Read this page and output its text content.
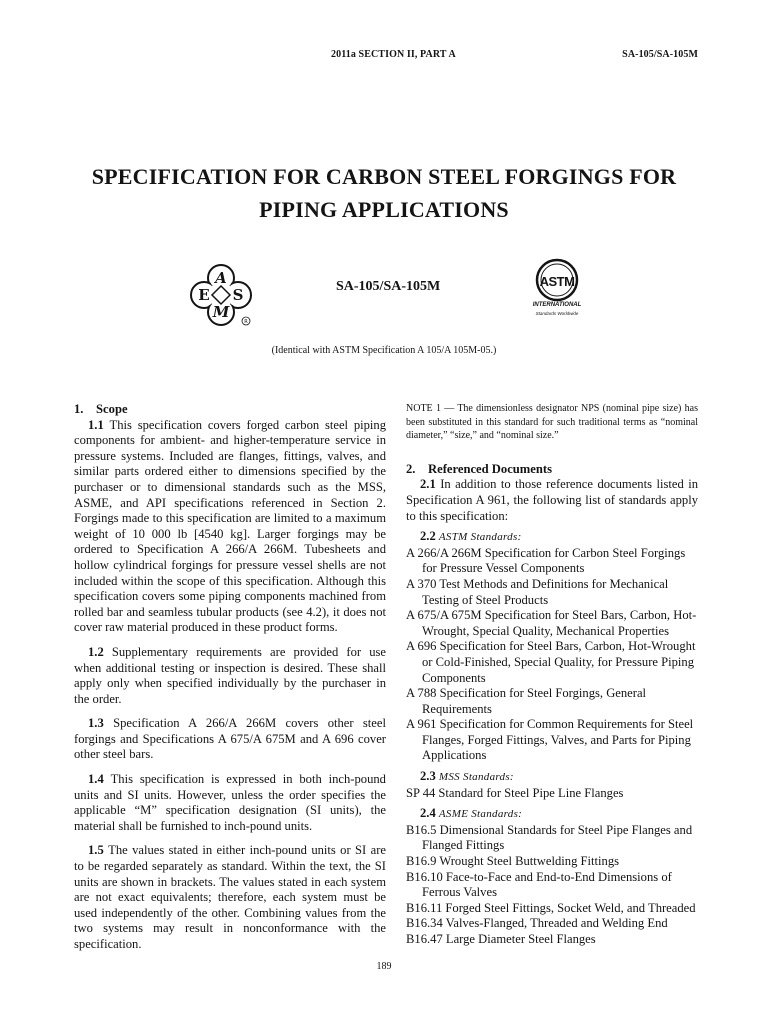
2011a SECTION II, PART A	SA-105/SA-105M
SPECIFICATION FOR CARBON STEEL FORGINGS FOR
PIPING APPLICATIONS
A
E S
M
R
SA-105/SA-105M	ASTM
INTERNATIONAL
Standards Worldwide
(Identical with ASTM Specification A 105/A 105M-05.)

1. Scope

1.1 This specification covers forged carbon steel piping components for ambient- and higher-temperature service in pressure systems. Included are flanges, fittings, valves, and similar parts ordered either to dimensions specified by the purchaser or to dimensional standards such as the MSS, ASME, and API specifications referenced in Section 2. Forgings made to this specification are limited to a maximum weight of 10 000 lb [4540 kg]. Larger forgings may be ordered to Specification A 266/A 266M. Tubesheets and hollow cylindrical forgings for pressure vessel shells are not included within the scope of this specification. Although this specification covers some piping components machined from rolled bar and seamless tubular products (see 4.2), it does not cover raw material produced in these product forms.

1.2 Supplementary requirements are provided for use when additional testing or inspection is desired. These shall apply only when specified individually by the purchaser in the order.

1.3 Specification A 266/A 266M covers other steel forgings and Specifications A 675/A 675M and A 696 cover other steel bars.

1.4 This specification is expressed in both inch-pound units and SI units. However, unless the order specifies the applicable “M” specification designation (SI units), the material shall be furnished to inch-pound units.

1.5 The values stated in either inch-pound units or SI are to be regarded separately as standard. Within the text, the SI units are shown in brackets. The values stated in each system are not exact equivalents; therefore, each system must be used independently of the other. Combining values from the two systems may result in nonconformance with the specification.

NOTE 1 — The dimensionless designator NPS (nominal pipe size) has been substituted in this standard for such traditional terms as “nominal diameter,” “size,” and “nominal size.”

2. Referenced Documents

2.1 In addition to those reference documents listed in Specification A 961, the following list of standards apply to this specification:

2.2 ASTM Standards:

A 266/A 266M Specification for Carbon Steel Forgings for Pressure Vessel Components

A 370 Test Methods and Definitions for Mechanical Testing of Steel Products

A 675/A 675M Specification for Steel Bars, Carbon, Hot-Wrought, Special Quality, Mechanical Properties

A 696 Specification for Steel Bars, Carbon, Hot-Wrought or Cold-Finished, Special Quality, for Pressure Piping Components

A 788 Specification for Steel Forgings, General Requirements

A 961 Specification for Common Requirements for Steel Flanges, Forged Fittings, Valves, and Parts for Piping Applications

2.3 MSS Standards:

SP 44 Standard for Steel Pipe Line Flanges

2.4 ASME Standards:

B16.5 Dimensional Standards for Steel Pipe Flanges and Flanged Fittings

B16.9 Wrought Steel Buttwelding Fittings

B16.10 Face-to-Face and End-to-End Dimensions of Ferrous Valves

B16.11 Forged Steel Fittings, Socket Weld, and Threaded

B16.34 Valves-Flanged, Threaded and Welding End

B16.47 Large Diameter Steel Flanges

189
